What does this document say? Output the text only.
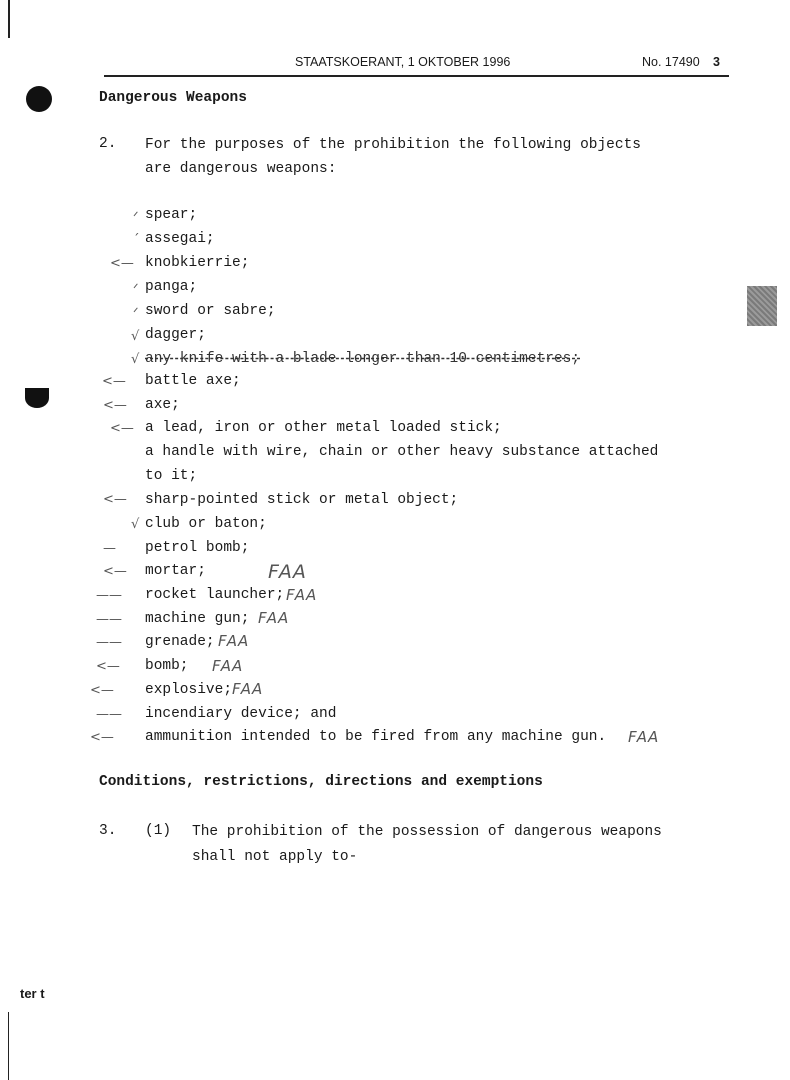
STAATSKOERANT, 1 OKTOBER 1996	No. 17490 3
Dangerous Weapons
2. For the purposes of the prohibition the following objects
are dangerous weapons:
spear;
assegai;
knobkierrie;
panga;
sword or sabre;
dagger;
any knife with a blade longer than 10 centimetres;
battle axe;
axe;
a lead, iron or other metal loaded stick;
a handle with wire, chain or other heavy substance attached
to it;
sharp-pointed stick or metal object;
club or baton;
petrol bomb;
mortar;
rocket launcher;
machine gun;
grenade;
bomb;
explosive;
incendiary device; and
ammunition intended to be fired from any machine gun.
ᐟ
ˊ
<—
ᐟ
ᐟ
√
√
<—
<—
<—
<—
√
—
<—
——
——
——
<—
<—
——
<—
FAA
FAA
FAA
FAA
FAA
FAA
FAA
Conditions, restrictions, directions and exemptions
3. (1) The prohibition of the possession of dangerous weapons
shall not apply to-
ter t
